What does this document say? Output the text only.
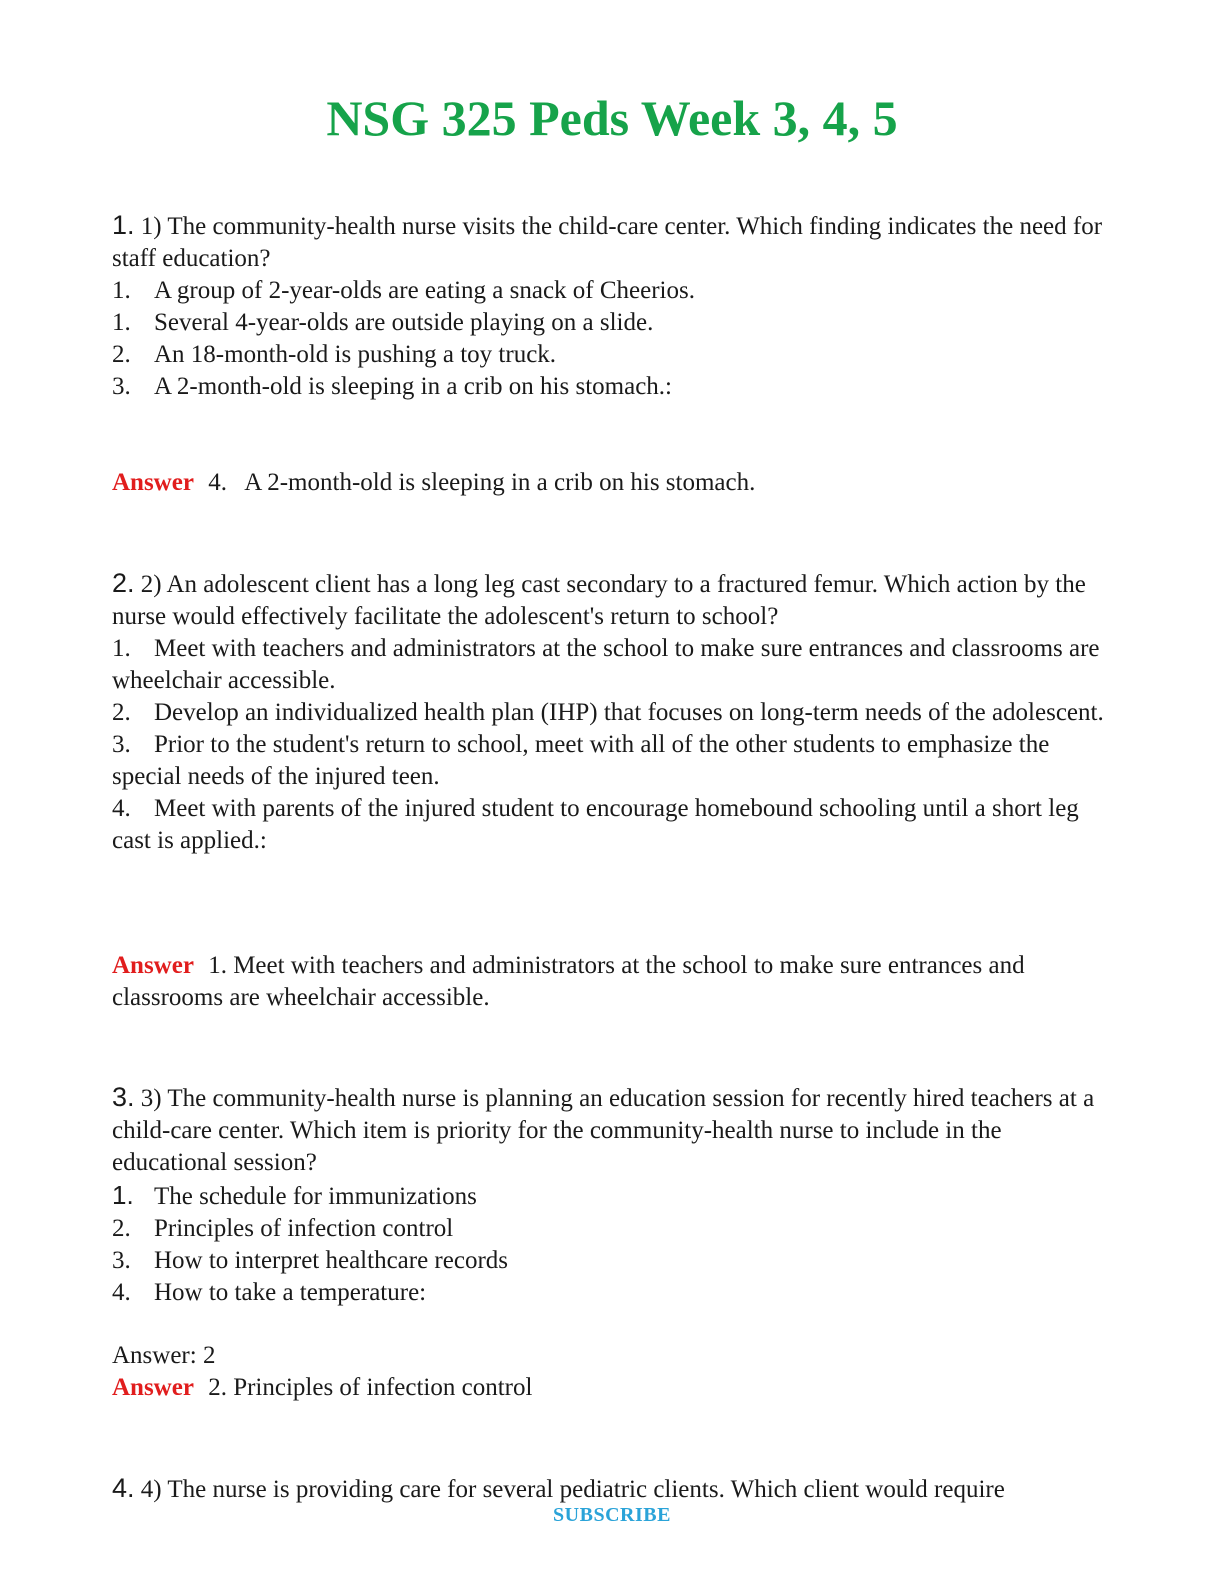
NSG 325 Peds Week 3, 4, 5
1. 1) The community-health nurse visits the child-care center. Which finding indicates the need for staff education?
1. A group of 2-year-olds are eating a snack of Cheerios.
1. Several 4-year-olds are outside playing on a slide.
2. An 18-month-old is pushing a toy truck.
3. A 2-month-old is sleeping in a crib on his stomach.:
Answer 4.   A 2-month-old is sleeping in a crib on his stomach.
2. 2) An adolescent client has a long leg cast secondary to a fractured femur. Which action by the nurse would effectively facilitate the adolescent's return to school?
1. Meet with teachers and administrators at the school to make sure entrances and classrooms are wheelchair accessible.
2. Develop an individualized health plan (IHP) that focuses on long-term needs of the adolescent.
3. Prior to the student's return to school, meet with all of the other students to emphasize the special needs of the injured teen.
4. Meet with parents of the injured student to encourage homebound schooling until a short leg cast is applied.:
Answer 1. Meet with teachers and administrators at the school to make sure entrances and classrooms are wheelchair accessible.
3. 3) The community-health nurse is planning an education session for recently hired teachers at a child-care center. Which item is priority for the community-health nurse to include in the educational session?
1. The schedule for immunizations
2. Principles of infection control
3. How to interpret healthcare records
4. How to take a temperature:
Answer: 2
Answer 2. Principles of infection control
4. 4) The nurse is providing care for several pediatric clients. Which client would require
SUBSCRIBE
